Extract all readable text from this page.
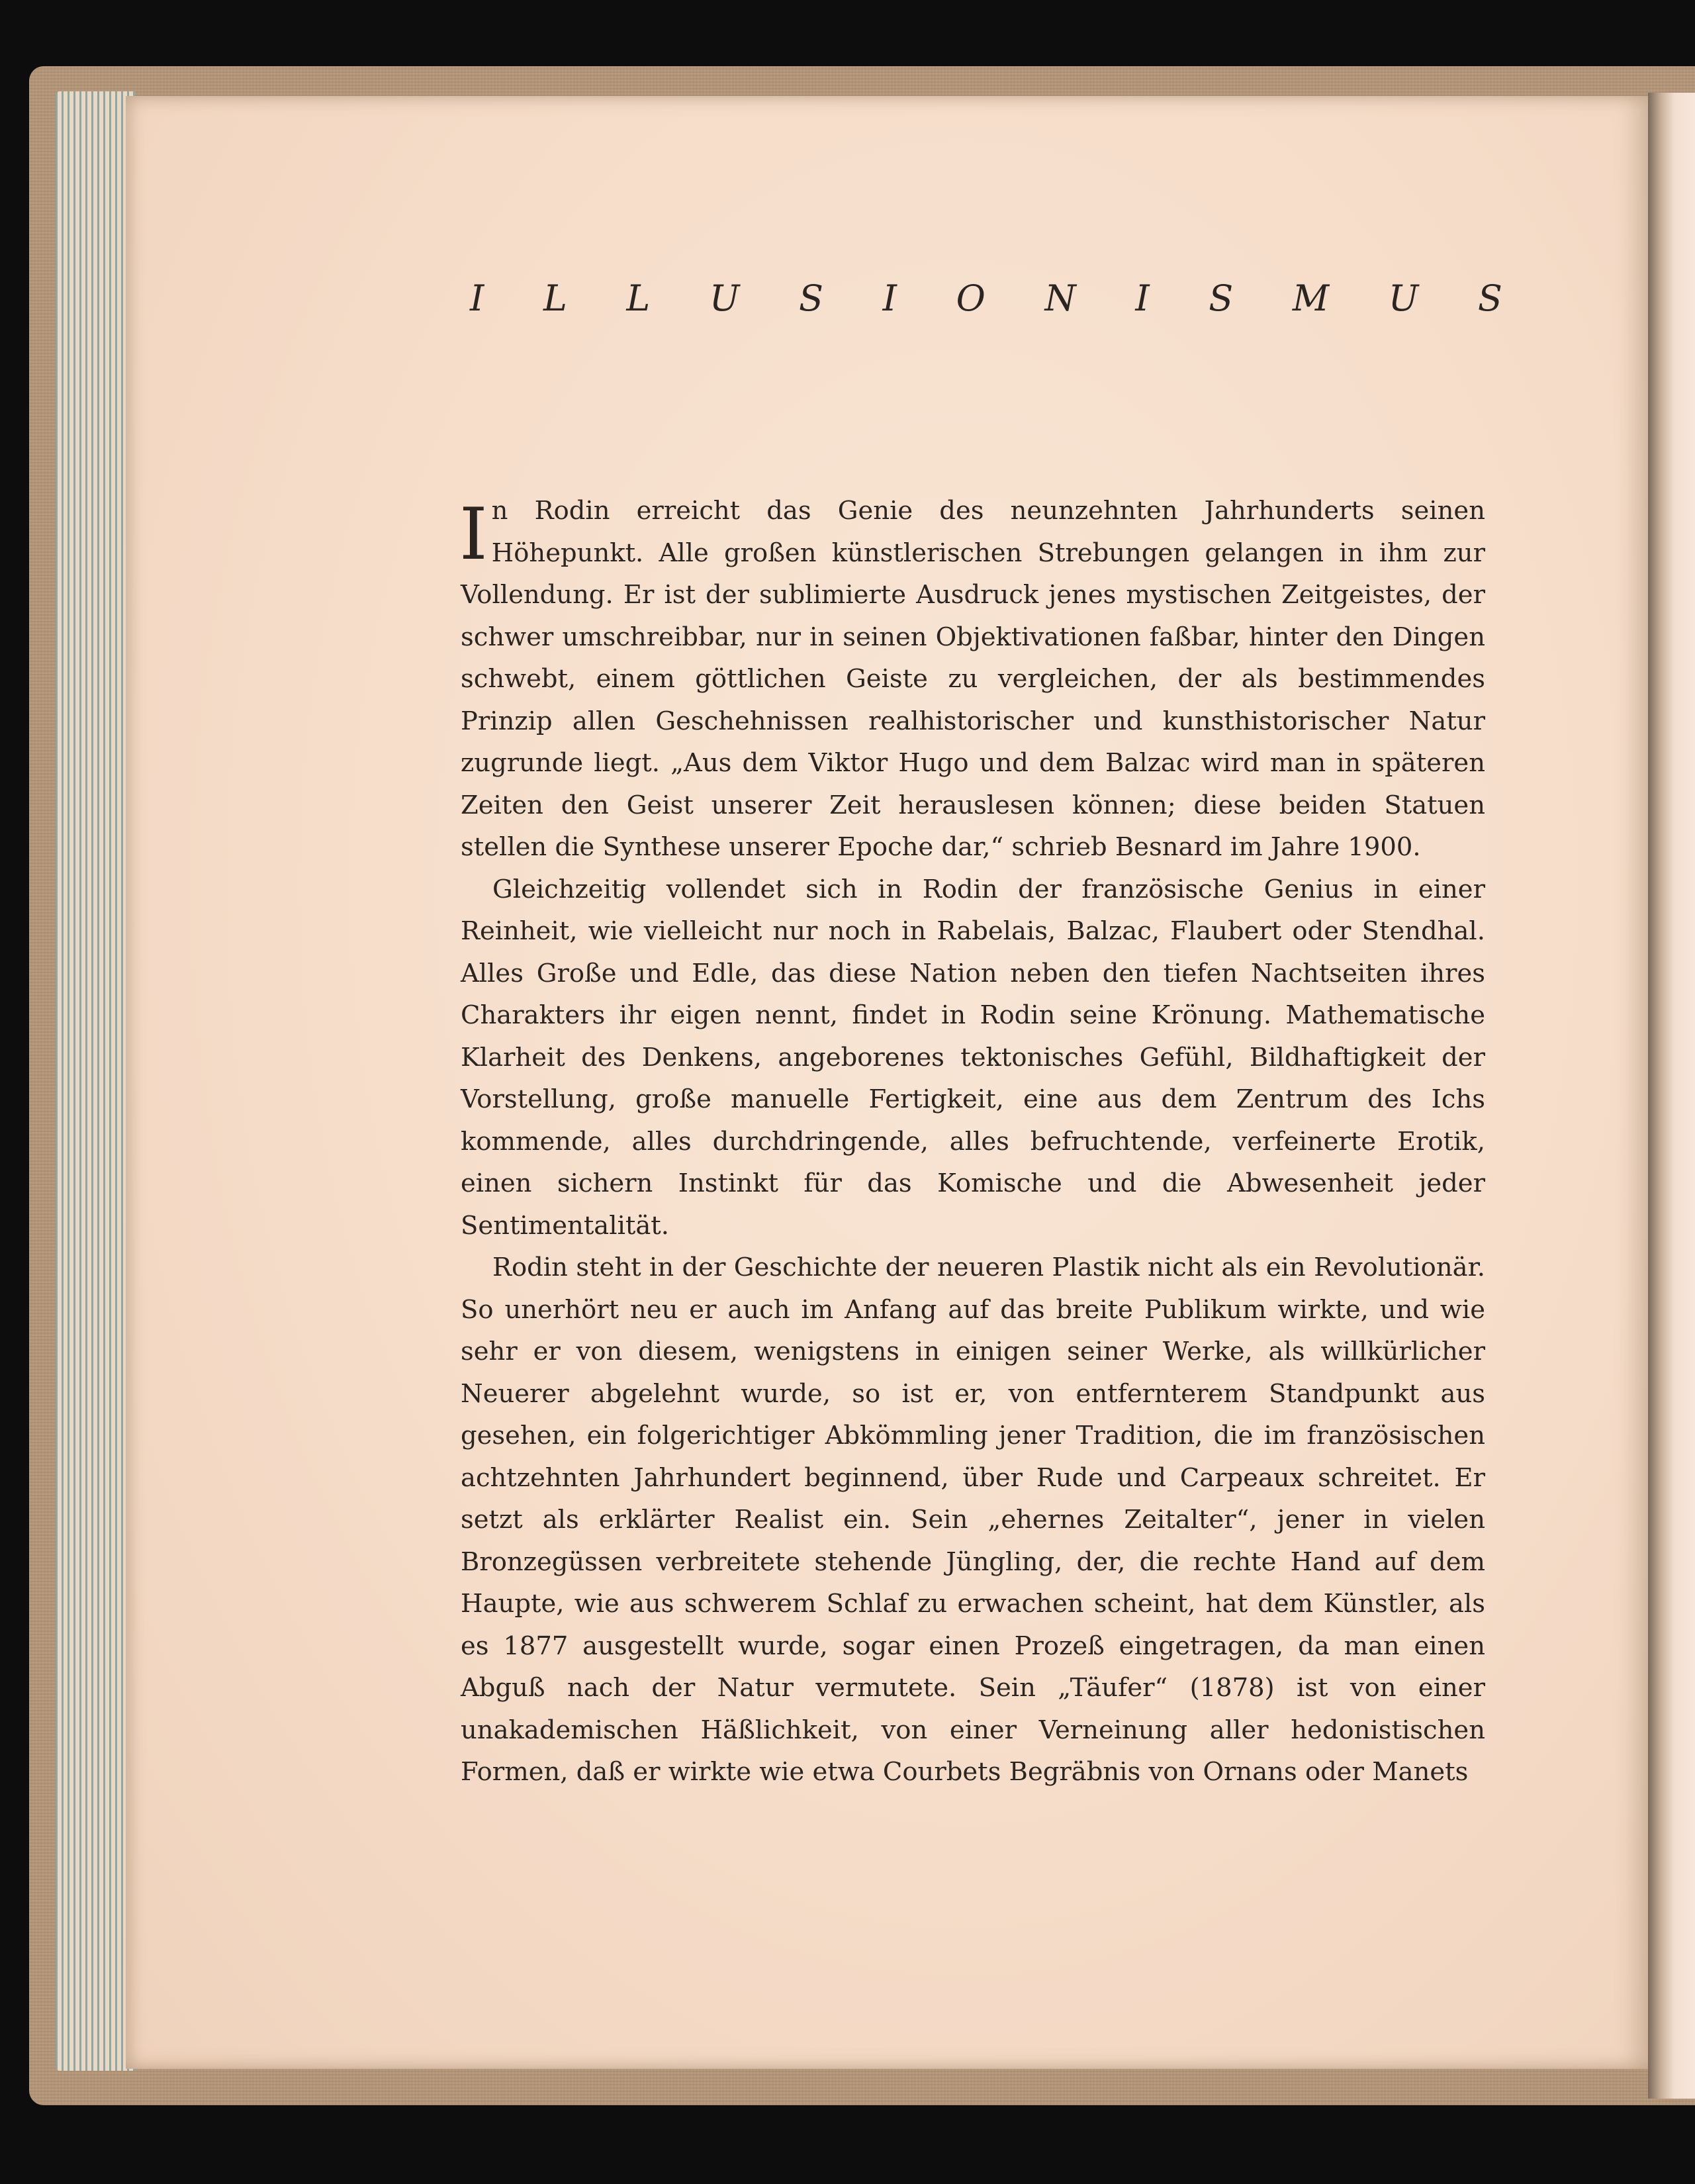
I L L U S I O N I S M U S

In Rodin erreicht das Genie des neunzehnten Jahrhunderts seinen Höhepunkt. Alle großen künstlerischen Strebungen gelangen in ihm zur Vollendung. Er ist der sublimierte Ausdruck jenes mystischen Zeitgeistes, der schwer umschreibbar, nur in seinen Objektivationen faßbar, hinter den Dingen schwebt, einem göttlichen Geiste zu vergleichen, der als bestimmendes Prinzip allen Geschehnissen realhistorischer und kunsthistorischer Natur zugrunde liegt. „Aus dem Viktor Hugo und dem Balzac wird man in späteren Zeiten den Geist unserer Zeit herauslesen können; diese beiden Statuen stellen die Synthese unserer Epoche dar,“ schrieb Besnard im Jahre 1900.

Gleichzeitig vollendet sich in Rodin der französische Genius in einer Reinheit, wie vielleicht nur noch in Rabelais, Balzac, Flaubert oder Stendhal. Alles Große und Edle, das diese Nation neben den tiefen Nachtseiten ihres Charakters ihr eigen nennt, findet in Rodin seine Krönung. Mathematische Klarheit des Denkens, angeborenes tektonisches Gefühl, Bildhaftigkeit der Vorstellung, große manuelle Fertigkeit, eine aus dem Zentrum des Ichs kommende, alles durchdringende, alles befruchtende, verfeinerte Erotik, einen sichern Instinkt für das Komische und die Abwesenheit jeder Sentimentalität.

Rodin steht in der Geschichte der neueren Plastik nicht als ein Revolutionär. So unerhört neu er auch im Anfang auf das breite Publikum wirkte, und wie sehr er von diesem, wenigstens in einigen seiner Werke, als willkürlicher Neuerer abgelehnt wurde, so ist er, von entfernterem Standpunkt aus gesehen, ein folgerichtiger Abkömmling jener Tradition, die im französischen achtzehnten Jahrhundert beginnend, über Rude und Carpeaux schreitet. Er setzt als erklärter Realist ein. Sein „ehernes Zeitalter“, jener in vielen Bronzegüssen verbreitete stehende Jüngling, der, die rechte Hand auf dem Haupte, wie aus schwerem Schlaf zu erwachen scheint, hat dem Künstler, als es 1877 ausgestellt wurde, sogar einen Prozeß eingetragen, da man einen Abguß nach der Natur vermutete. Sein „Täufer“ (1878) ist von einer unakademischen Häßlichkeit, von einer Verneinung aller hedonistischen Formen, daß er wirkte wie etwa Courbets Begräbnis von Ornans oder Manets
